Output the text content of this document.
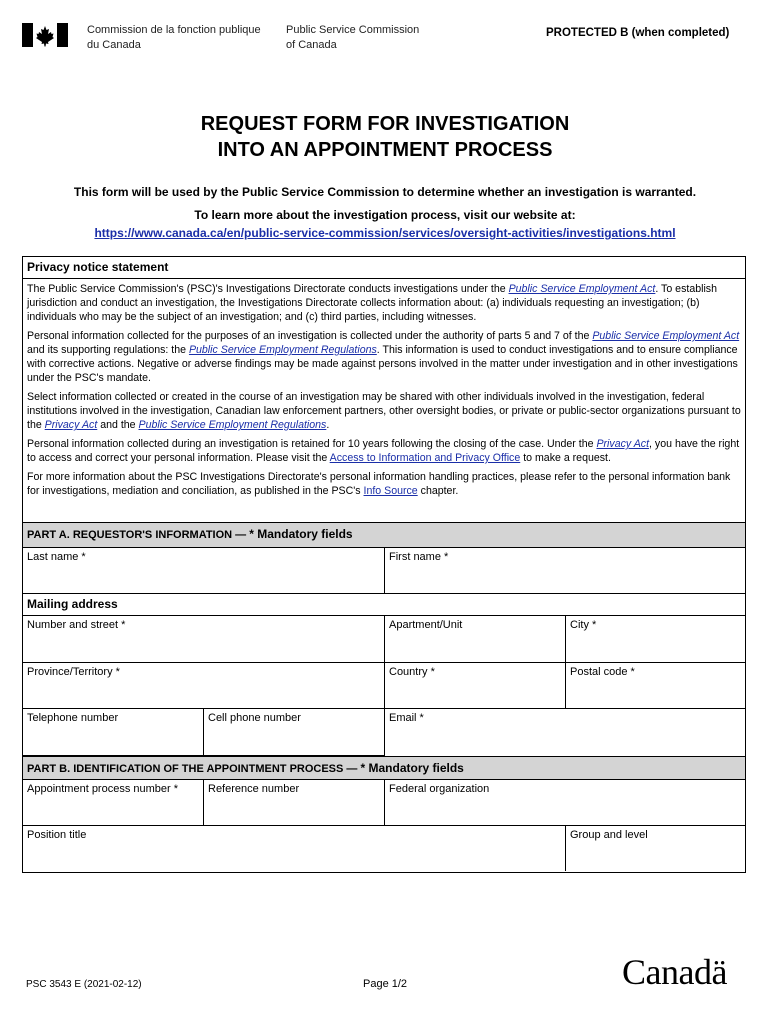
Commission de la fonction publique
du Canada
Public Service Commission
of Canada
PROTECTED B (when completed)
REQUEST FORM FOR INVESTIGATION
INTO AN APPOINTMENT PROCESS
This form will be used by the Public Service Commission to determine whether an investigation is warranted.
To learn more about the investigation process, visit our website at:
https://www.canada.ca/en/public-service-commission/services/oversight-activities/investigations.html
Privacy notice statement

The Public Service Commission's (PSC)'s Investigations Directorate conducts investigations under the Public Service Employment Act. To establish jurisdiction and conduct an investigation, the Investigations Directorate collects information about: (a) individuals requesting an investigation; (b) individuals who may be the subject of an investigation; and (c) third parties, including witnesses.

Personal information collected for the purposes of an investigation is collected under the authority of parts 5 and 7 of the Public Service Employment Act and its supporting regulations: the Public Service Employment Regulations. This information is used to conduct investigations and to ensure compliance with corrective actions. Negative or adverse findings may be made against persons involved in the matter under investigation and in other investigations under the PSC's mandate.

Select information collected or created in the course of an investigation may be shared with other individuals involved in the investigation, federal institutions involved in the investigation, Canadian law enforcement partners, other oversight bodies, or private or public-sector organizations pursuant to the Privacy Act and the Public Service Employment Regulations.

Personal information collected during an investigation is retained for 10 years following the closing of the case. Under the Privacy Act, you have the right to access and correct your personal information. Please visit the Access to Information and Privacy Office to make a request.

For more information about the PSC Investigations Directorate's personal information handling practices, please refer to the personal information bank for investigations, mediation and conciliation, as published in the PSC's Info Source chapter.

PART A. REQUESTOR'S INFORMATION — * Mandatory fields
Last name *	First name *
Mailing address
Number and street *	Apartment/Unit	City *
Province/Territory *	Country *	Postal code *
Telephone number	Cell phone number	Email *
PART B. IDENTIFICATION OF THE APPOINTMENT PROCESS — * Mandatory fields
Appointment process number *	Reference number	Federal organization
Position title	Group and level
PSC 3543 E (2021-02-12)	Page 1/2	Canadä
